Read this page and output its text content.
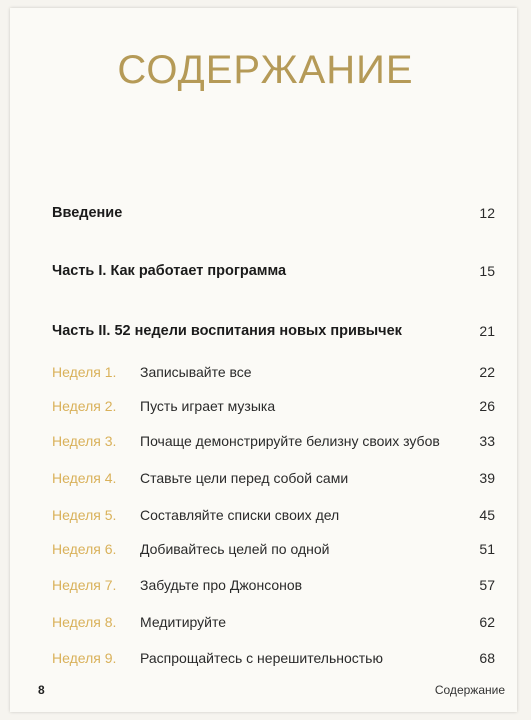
СОДЕРЖАНИЕ
Введение	12
Часть I. Как работает программа	15
Часть II. 52 недели воспитания новых привычек	21
Неделя 1. Записывайте все	22
Неделя 2. Пусть играет музыка	26
Неделя 3. Почаще демонстрируйте белизну своих зубов	33
Неделя 4. Ставьте цели перед собой сами	39
Неделя 5. Составляйте списки своих дел	45
Неделя 6. Добивайтесь целей по одной	51
Неделя 7. Забудьте про Джонсонов	57
Неделя 8. Медитируйте	62
Неделя 9. Распрощайтесь с нерешительностью	68
8	Содержание
